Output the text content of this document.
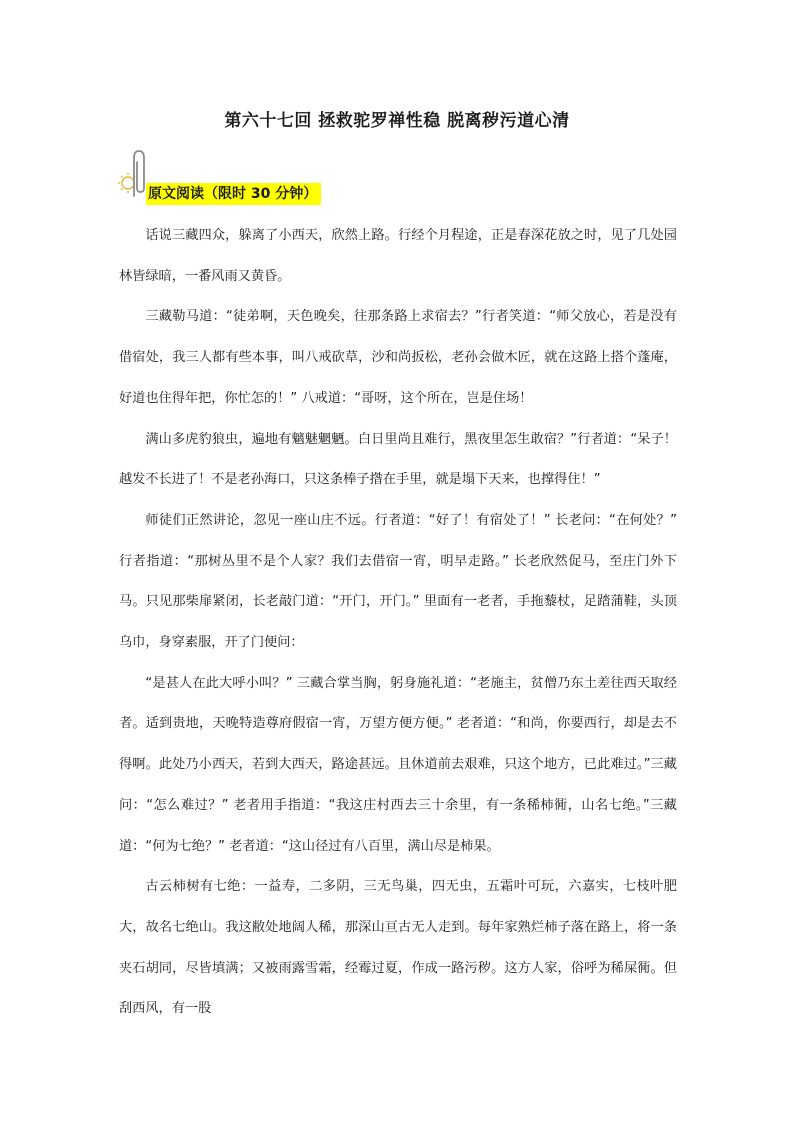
第六十七回 拯救驼罗禅性稳 脱离秽污道心清
原文阅读（限时 30 分钟）

话说三藏四众，躲离了小西天，欣然上路。行经个月程途，正是春深花放之时，见了几处园林皆绿暗，一番风雨又黄昏。

三藏勒马道：“徒弟啊，天色晚矣，往那条路上求宿去？”行者笑道：“师父放心，若是没有借宿处，我三人都有些本事，叫八戒砍草，沙和尚扳松，老孙会做木匠，就在这路上搭个蓬庵，好道也住得年把，你忙怎的！” 八戒道：“哥呀，这个所在，岂是住场！

满山多虎豹狼虫，遍地有魑魅魍魉。白日里尚且难行，黑夜里怎生敢宿？”行者道：“呆子！越发不长进了！不是老孙海口，只这条棒子揝在手里，就是塌下天来，也撑得住！”

师徒们正然讲论，忽见一座山庄不远。行者道：“好了！有宿处了！” 长老问：“在何处？” 行者指道：“那树丛里不是个人家？我们去借宿一宵，明早走路。” 长老欣然促马，至庄门外下马。只见那柴扉紧闭，长老敲门道：“开门，开门。” 里面有一老者，手拖藜杖，足踏蒲鞋，头顶乌巾，身穿素服，开了门便问：

“是甚人在此大呼小叫？” 三藏合掌当胸，躬身施礼道：“老施主，贫僧乃东土差往西天取经者。适到贵地，天晚特造尊府假宿一宵，万望方便方便。” 老者道：“和尚，你要西行，却是去不得啊。此处乃小西天，若到大西天，路途甚远。且休道前去艰难，只这个地方，已此难过。”三藏问：“怎么难过？” 老者用手指道：“我这庄村西去三十余里，有一条稀柿衕，山名七绝。”三藏道：“何为七绝？” 老者道：“这山径过有八百里，满山尽是柿果。

古云柿树有七绝：一益寿，二多阴，三无鸟巢，四无虫，五霜叶可玩，六嘉实，七枝叶肥大，故名七绝山。我这敝处地阔人稀，那深山亘古无人走到。每年家熟烂柿子落在路上，将一条夹石胡同，尽皆填满；又被雨露雪霜，经霉过夏，作成一路污秽。这方人家，俗呼为稀屎衕。但刮西风，有一股
